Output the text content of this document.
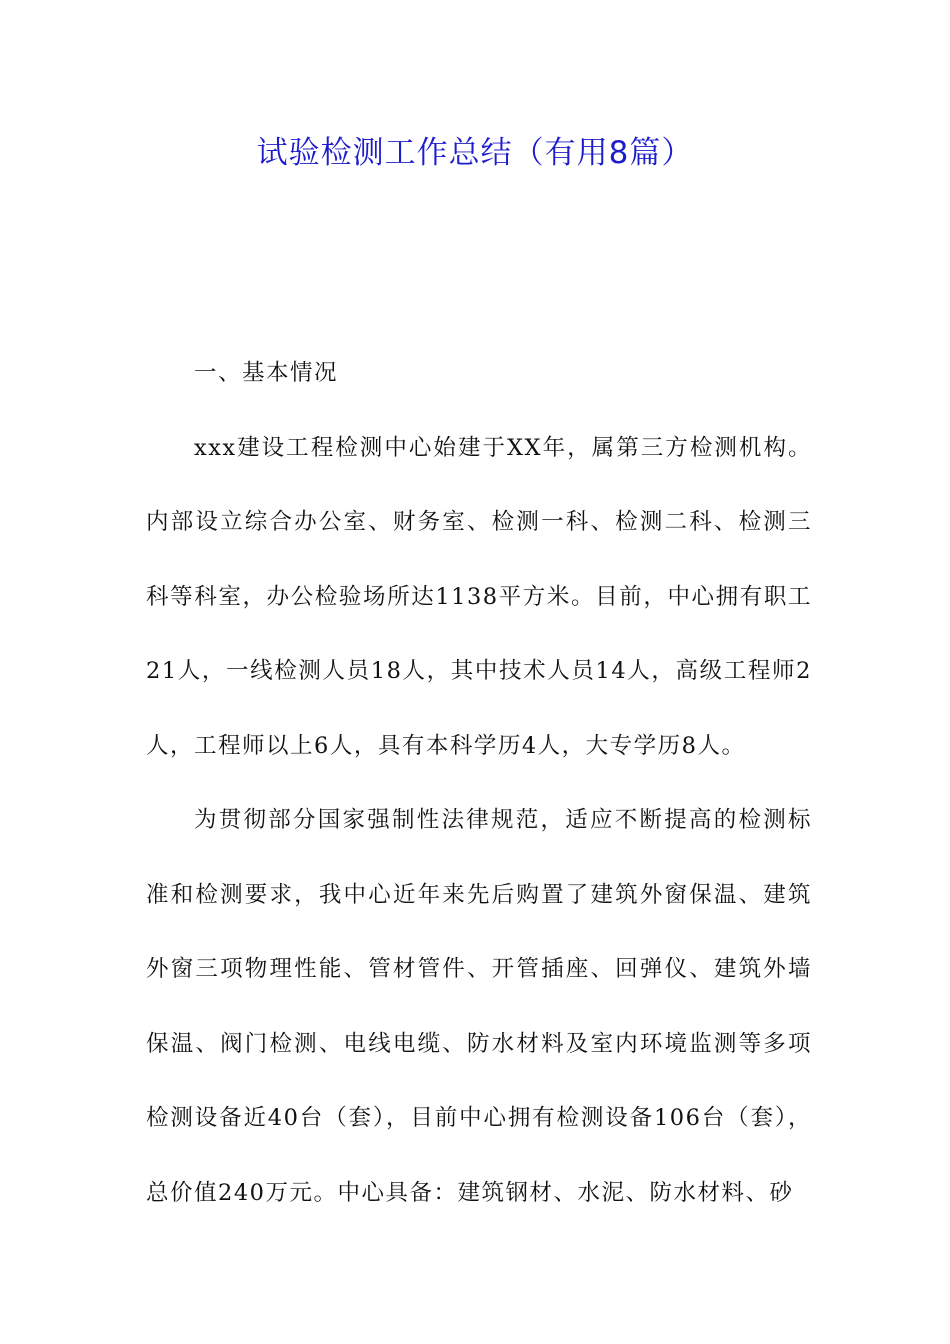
试验检测工作总结（有用8篇）

一、基本情况

xxx建设工程检测中心始建于XX年，属第三方检测机构。内部设立综合办公室、财务室、检测一科、检测二科、检测三科等科室，办公检验场所达1138平方米。目前，中心拥有职工21人，一线检测人员18人，其中技术人员14人，高级工程师2人，工程师以上6人，具有本科学历4人，大专学历8人。

为贯彻部分国家强制性法律规范，适应不断提高的检测标准和检测要求，我中心近年来先后购置了建筑外窗保温、建筑外窗三项物理性能、管材管件、开管插座、回弹仪、建筑外墙保温、阀门检测、电线电缆、防水材料及室内环境监测等多项检测设备近40台（套），目前中心拥有检测设备106台（套），总价值240万元。中心具备：建筑钢材、水泥、防水材料、砂
